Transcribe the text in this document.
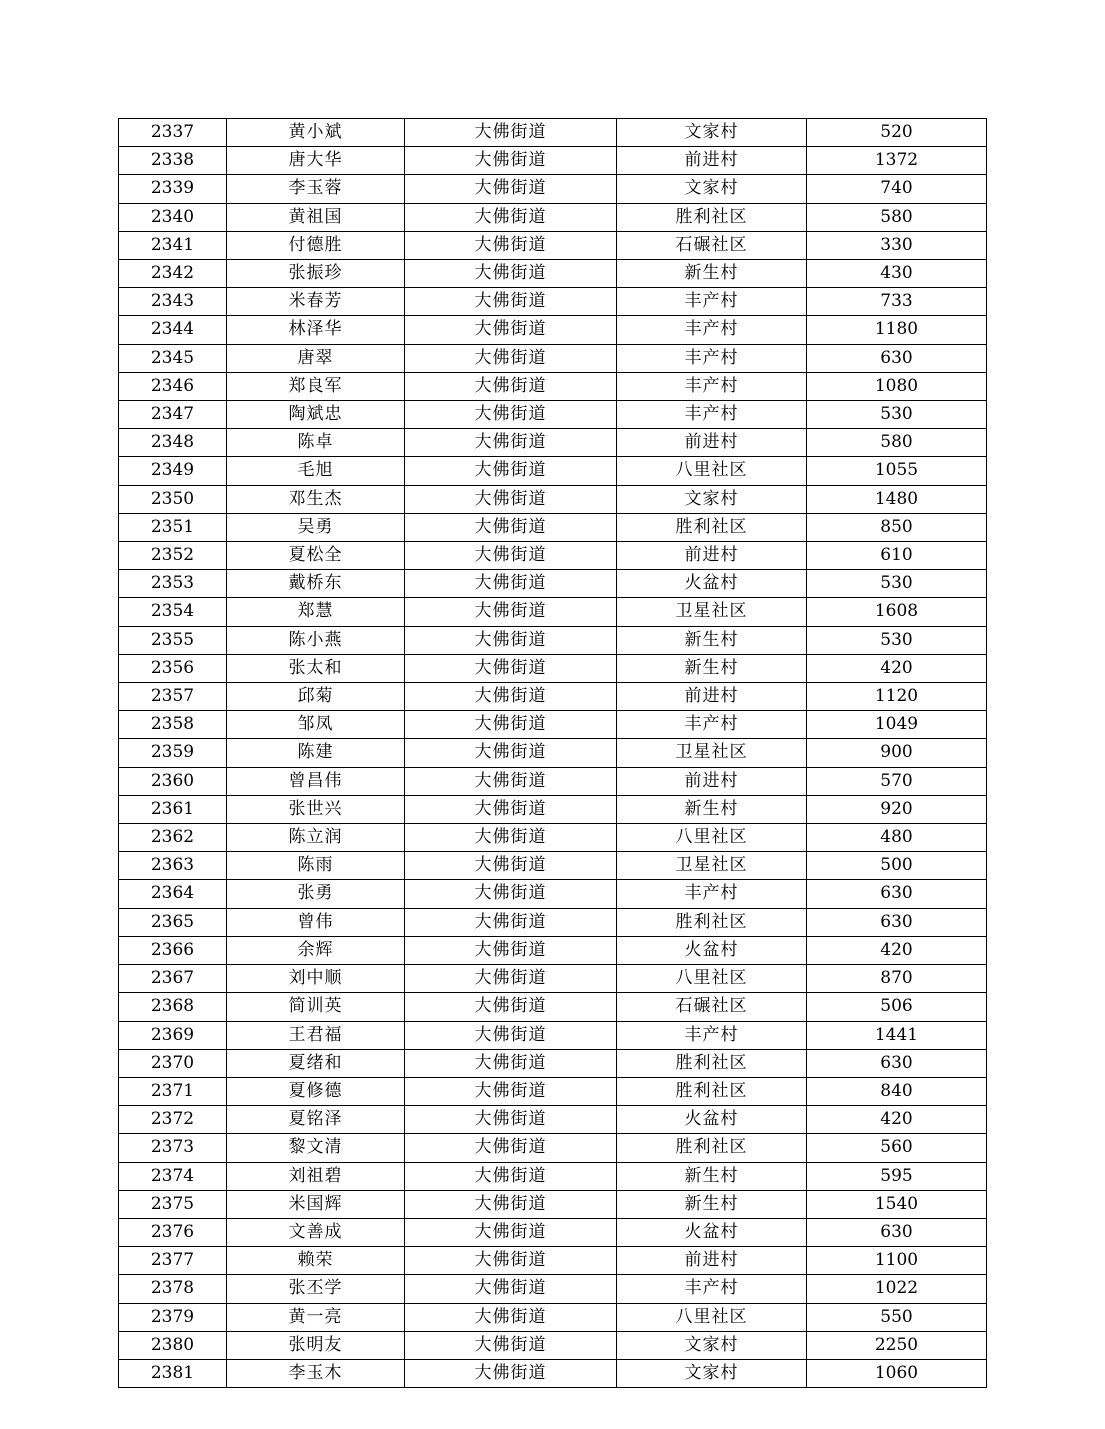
2337	黄小斌	大佛街道	文家村	520
2338	唐大华	大佛街道	前进村	1372
2339	李玉蓉	大佛街道	文家村	740
2340	黄祖国	大佛街道	胜利社区	580
2341	付德胜	大佛街道	石碾社区	330
2342	张振珍	大佛街道	新生村	430
2343	米春芳	大佛街道	丰产村	733
2344	林泽华	大佛街道	丰产村	1180
2345	唐翠	大佛街道	丰产村	630
2346	郑良军	大佛街道	丰产村	1080
2347	陶斌忠	大佛街道	丰产村	530
2348	陈卓	大佛街道	前进村	580
2349	毛旭	大佛街道	八里社区	1055
2350	邓生杰	大佛街道	文家村	1480
2351	吴勇	大佛街道	胜利社区	850
2352	夏松全	大佛街道	前进村	610
2353	戴桥东	大佛街道	火盆村	530
2354	郑慧	大佛街道	卫星社区	1608
2355	陈小燕	大佛街道	新生村	530
2356	张太和	大佛街道	新生村	420
2357	邱菊	大佛街道	前进村	1120
2358	邹凤	大佛街道	丰产村	1049
2359	陈建	大佛街道	卫星社区	900
2360	曾昌伟	大佛街道	前进村	570
2361	张世兴	大佛街道	新生村	920
2362	陈立润	大佛街道	八里社区	480
2363	陈雨	大佛街道	卫星社区	500
2364	张勇	大佛街道	丰产村	630
2365	曾伟	大佛街道	胜利社区	630
2366	余辉	大佛街道	火盆村	420
2367	刘中顺	大佛街道	八里社区	870
2368	简训英	大佛街道	石碾社区	506
2369	王君福	大佛街道	丰产村	1441
2370	夏绪和	大佛街道	胜利社区	630
2371	夏修德	大佛街道	胜利社区	840
2372	夏铭泽	大佛街道	火盆村	420
2373	黎文清	大佛街道	胜利社区	560
2374	刘祖碧	大佛街道	新生村	595
2375	米国辉	大佛街道	新生村	1540
2376	文善成	大佛街道	火盆村	630
2377	赖荣	大佛街道	前进村	1100
2378	张丕学	大佛街道	丰产村	1022
2379	黄一亮	大佛街道	八里社区	550
2380	张明友	大佛街道	文家村	2250
2381	李玉木	大佛街道	文家村	1060
